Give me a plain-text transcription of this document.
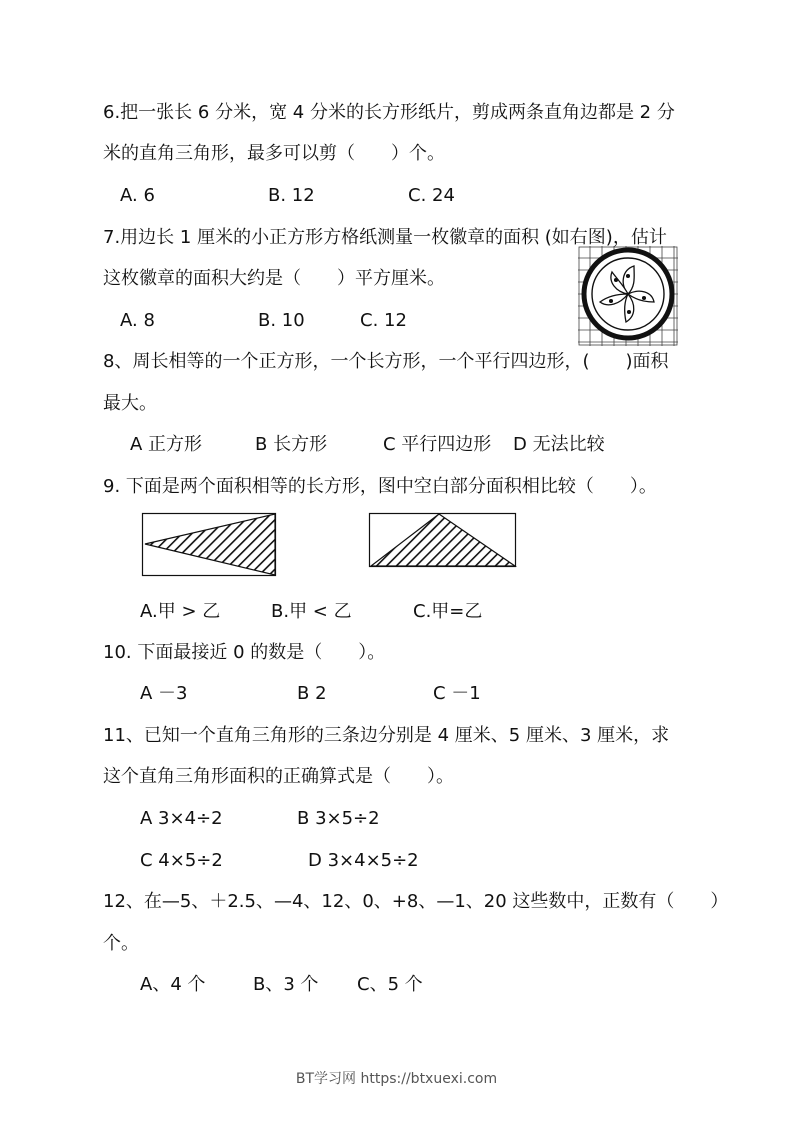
6.把一张长 6 分米，宽 4 分米的长方形纸片，剪成两条直角边都是 2 分
米的直角三角形，最多可以剪（　　）个。
A. 6	B. 12	C. 24
7.用边长 1 厘米的小正方形方格纸测量一枚徽章的面积 (如右图)，估计
这枚徽章的面积大约是（　　）平方厘米。
A. 8	B. 10	C. 12
8、周长相等的一个正方形，一个长方形，一个平行四边形，(　　)面积
最大。
A 正方形	B 长方形	C 平行四边形 D 无法比较
9. 下面是两个面积相等的长方形，图中空白部分面积相比较（　　）。
A.甲 > 乙	B.甲 < 乙	C.甲=乙
10. 下面最接近 0 的数是（　　）。
A －3	B 2	C －1
11、已知一个直角三角形的三条边分别是 4 厘米、5 厘米、3 厘米，求
这个直角三角形面积的正确算式是（　　）。
A 3×4÷2	B 3×5÷2
C 4×5÷2	D 3×4×5÷2
12、在—5、＋2.5、—4、12、0、+8、—1、20 这些数中，正数有（　　）
个。
A、4 个	B、3 个 C、5 个
BT学习网 https://btxuexi.com
